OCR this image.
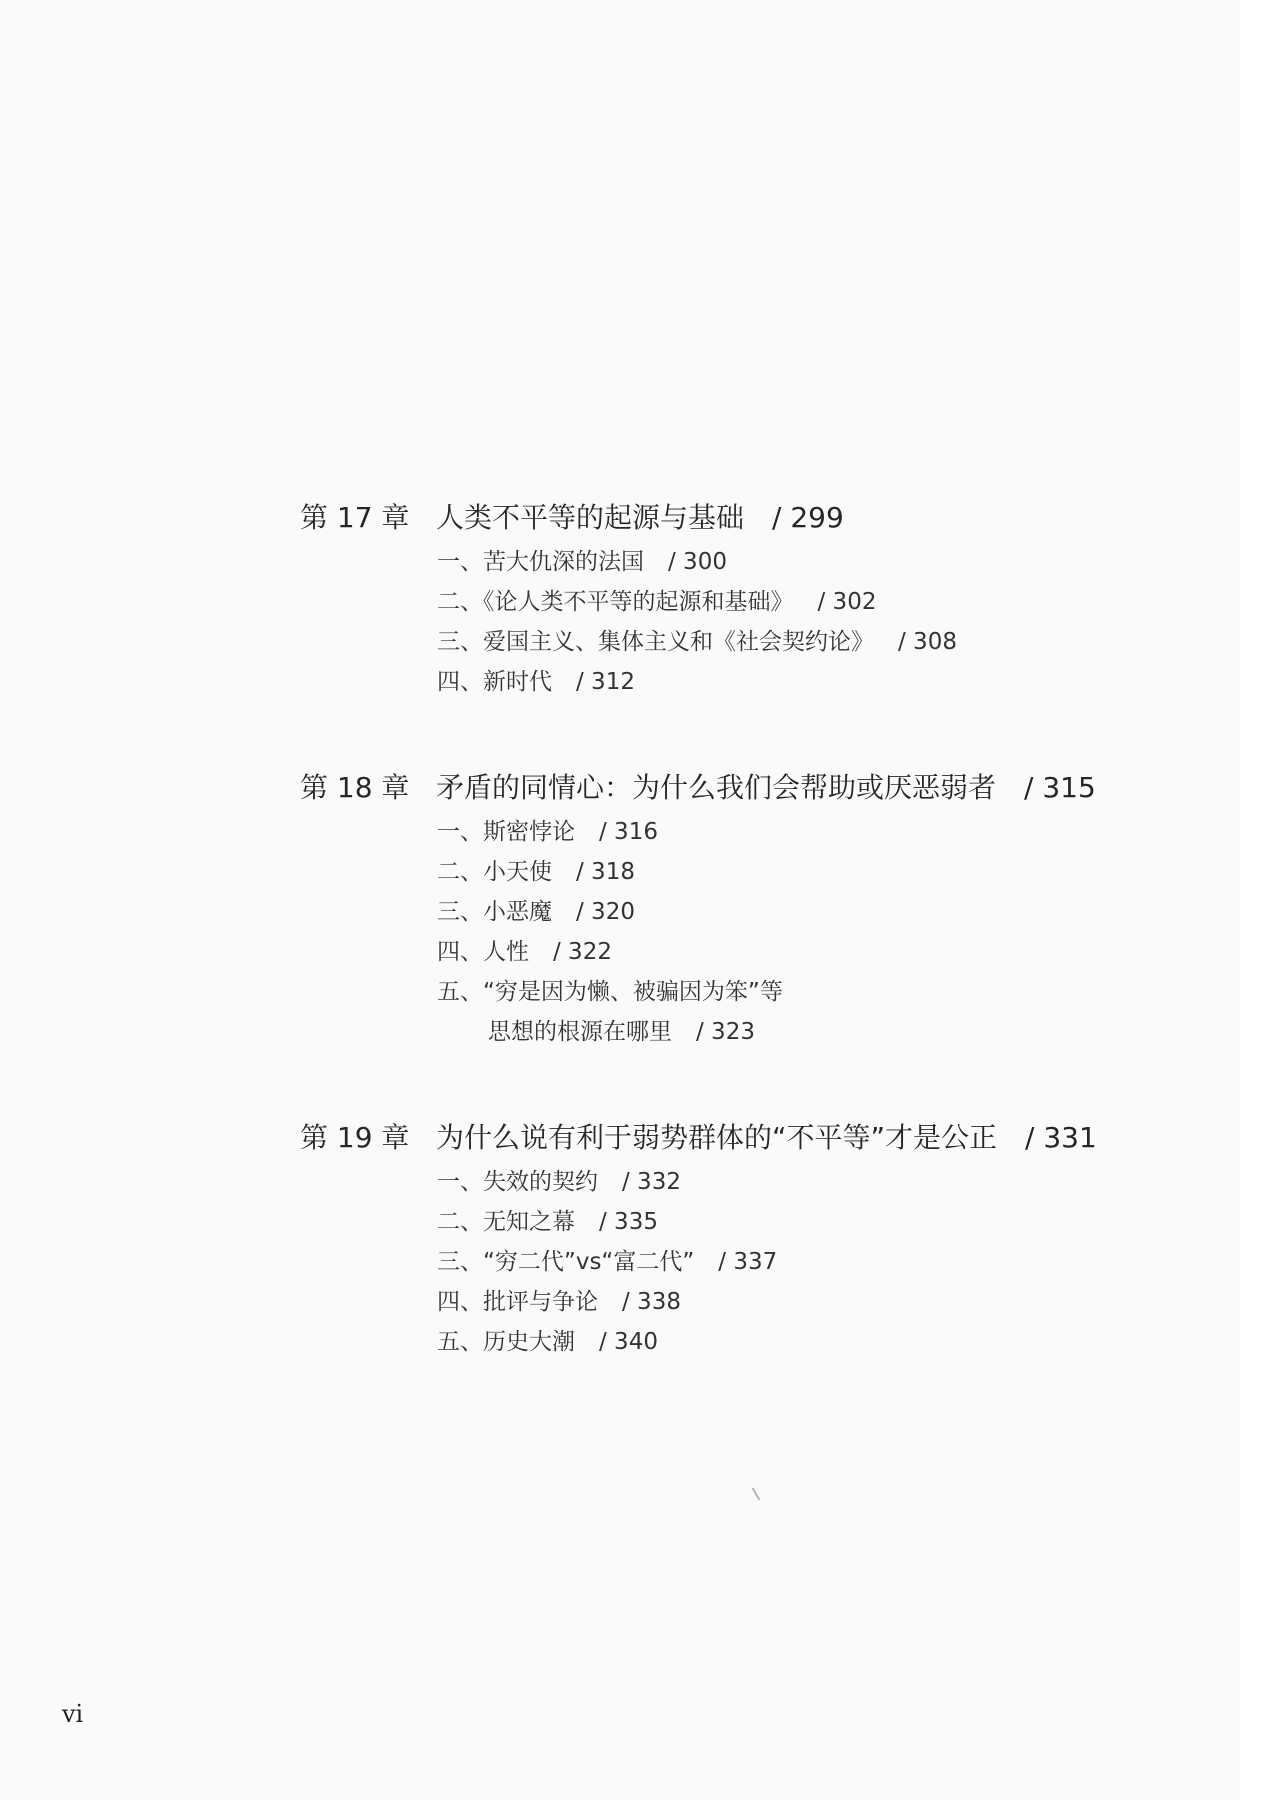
第 17 章 人类不平等的起源与基础 / 299
一、苦大仇深的法国 / 300
二、《论人类不平等的起源和基础》 / 302
三、爱国主义、集体主义和《社会契约论》 / 308
四、新时代 / 312
第 18 章 矛盾的同情心：为什么我们会帮助或厌恶弱者 / 315
一、斯密悖论 / 316
二、小天使 / 318
三、小恶魔 / 320
四、人性 / 322
五、“穷是因为懒、被骗因为笨”等
思想的根源在哪里 / 323
第 19 章 为什么说有利于弱势群体的“不平等”才是公正 / 331
一、失效的契约 / 332
二、无知之幕 / 335
三、“穷二代”vs“富二代” / 337
四、批评与争论 / 338
五、历史大潮 / 340
vi
